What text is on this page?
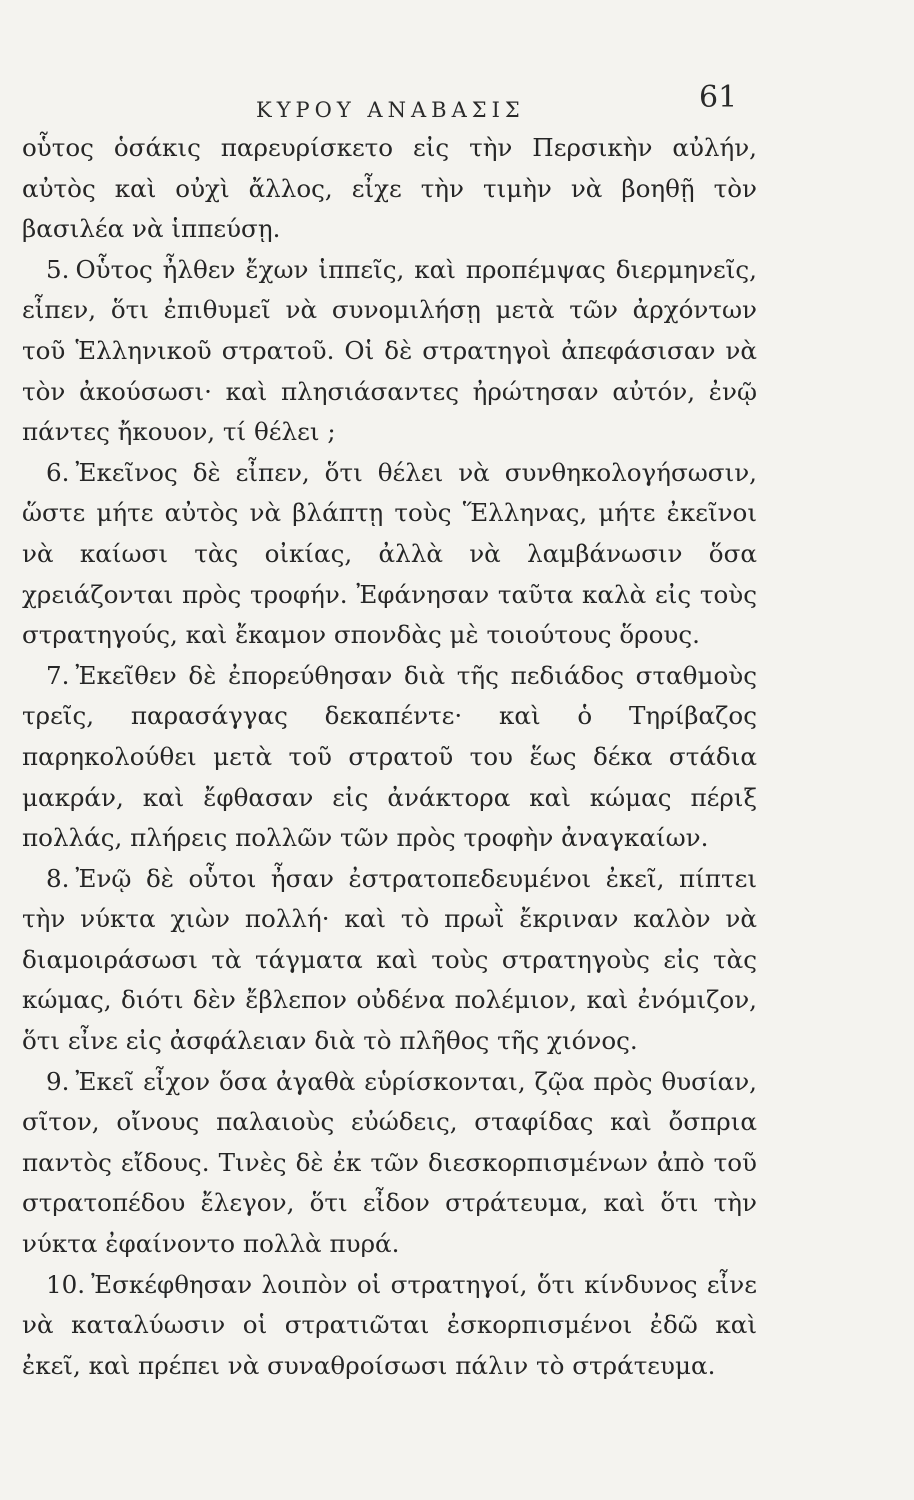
ΚΥΡΟΥ ΑΝΑΒΑΣΙΣ	61

οὗτος ὁσάκις παρευρίσκετο εἰς τὴν Περσικὴν αὐλήν, αὐτὸς καὶ οὐχὶ ἄλλος, εἶχε τὴν τιμὴν νὰ βοηθῇ τὸν βασιλέα νὰ ἱππεύσῃ.

5. Οὗτος ἦλθεν ἔχων ἱππεῖς, καὶ προπέμψας διερμηνεῖς, εἶπεν, ὅτι ἐπιθυμεῖ νὰ συνομιλήσῃ μετὰ τῶν ἀρχόντων τοῦ Ἑλληνικοῦ στρατοῦ. Οἱ δὲ στρατηγοὶ ἀπεφάσισαν νὰ τὸν ἀκούσωσι· καὶ πλησιάσαντες ἠρώτησαν αὐτόν, ἐνῷ πάντες ἤκουον, τί θέλει ;

6. Ἐκεῖνος δὲ εἶπεν, ὅτι θέλει νὰ συνθηκολογήσωσιν, ὥστε μήτε αὐτὸς νὰ βλάπτῃ τοὺς Ἕλληνας, μήτε ἐκεῖνοι νὰ καίωσι τὰς οἰκίας, ἀλλὰ νὰ λαμβάνωσιν ὅσα χρειάζονται πρὸς τροφήν. Ἐφάνησαν ταῦτα καλὰ εἰς τοὺς στρατηγούς, καὶ ἔκαμον σπονδὰς μὲ τοιούτους ὅρους.

7. Ἐκεῖθεν δὲ ἐπορεύθησαν διὰ τῆς πεδιάδος σταθμοὺς τρεῖς, παρασάγγας δεκαπέντε· καὶ ὁ Τηρίβαζος παρηκολούθει μετὰ τοῦ στρατοῦ του ἕως δέκα στάδια μακράν, καὶ ἔφθασαν εἰς ἀνάκτορα καὶ κώμας πέριξ πολλάς, πλήρεις πολλῶν τῶν πρὸς τροφὴν ἀναγκαίων.

8. Ἐνῷ δὲ οὗτοι ἦσαν ἐστρατοπεδευμένοι ἐκεῖ, πίπτει τὴν νύκτα χιὼν πολλή· καὶ τὸ πρωῒ ἔκριναν καλὸν νὰ διαμοιράσωσι τὰ τάγματα καὶ τοὺς στρατηγοὺς εἰς τὰς κώμας, διότι δὲν ἔβλεπον οὐδένα πολέμιον, καὶ ἐνόμιζον, ὅτι εἶνε εἰς ἀσφάλειαν διὰ τὸ πλῆθος τῆς χιόνος.

9. Ἐκεῖ εἶχον ὅσα ἀγαθὰ εὑρίσκονται, ζῷα πρὸς θυσίαν, σῖτον, οἴνους παλαιοὺς εὐώδεις, σταφίδας καὶ ὄσπρια παντὸς εἴδους. Τινὲς δὲ ἐκ τῶν διεσκορπισμένων ἀπὸ τοῦ στρατοπέδου ἔλεγον, ὅτι εἶδον στράτευμα, καὶ ὅτι τὴν νύκτα ἐφαίνοντο πολλὰ πυρά.

10. Ἐσκέφθησαν λοιπὸν οἱ στρατηγοί, ὅτι κίνδυνος εἶνε νὰ καταλύωσιν οἱ στρατιῶται ἐσκορπισμένοι ἐδῶ καὶ ἐκεῖ, καὶ πρέπει νὰ συναθροίσωσι πάλιν τὸ στράτευμα.
